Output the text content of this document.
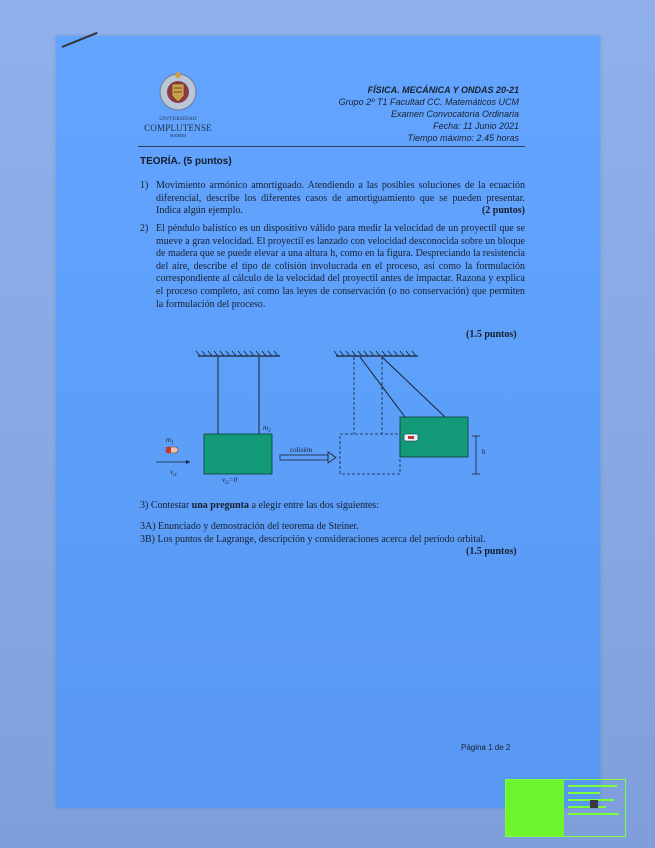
UNIVERSIDAD
COMPLUTENSE
MADRID
FÍSICA. MECÁNICA Y ONDAS 20-21
Grupo 2º T1 Facultad CC. Matemáticos UCM
Examen Convocatoria Ordinaria
Fecha: 11 Junio 2021
Tiempo máximo: 2.45 horas
TEORÍA. (5 puntos)
1) Movimiento armónico amortiguado. Atendiendo a las posibles soluciones de la ecuación diferencial, describe los diferentes casos de amortiguamiento que se pueden presentar. Indica algún ejemplo.	(2 puntos)
2) El péndulo balístico es un dispositivo válido para medir la velocidad de un proyectil que se mueve a gran velocidad. El proyectil es lanzado con velocidad desconocida sobre un bloque de madera que se puede elevar a una altura h, como en la figura. Despreciando la resistencia del aire, describe el tipo de colisión involucrada en el proceso, así como la formulación correspondiente al cálculo de la velocidad del proyectil antes de impactar. Razona y explica el proceso completo, así como las leyes de conservación (o no conservación) que permiten la formulación del proceso.
(1.5 puntos)
$m_2$
$m_1$
$v_{i1}$
$v_{i2}=0$
colisión	h
3) Contestar una pregunta a elegir entre las dos siguientes:
3A) Enunciado y demostración del teorema de Steiner.
3B) Los puntos de Lagrange, descripción y consideraciones acerca del período orbital.
(1.5 puntos)
Página 1 de 2
